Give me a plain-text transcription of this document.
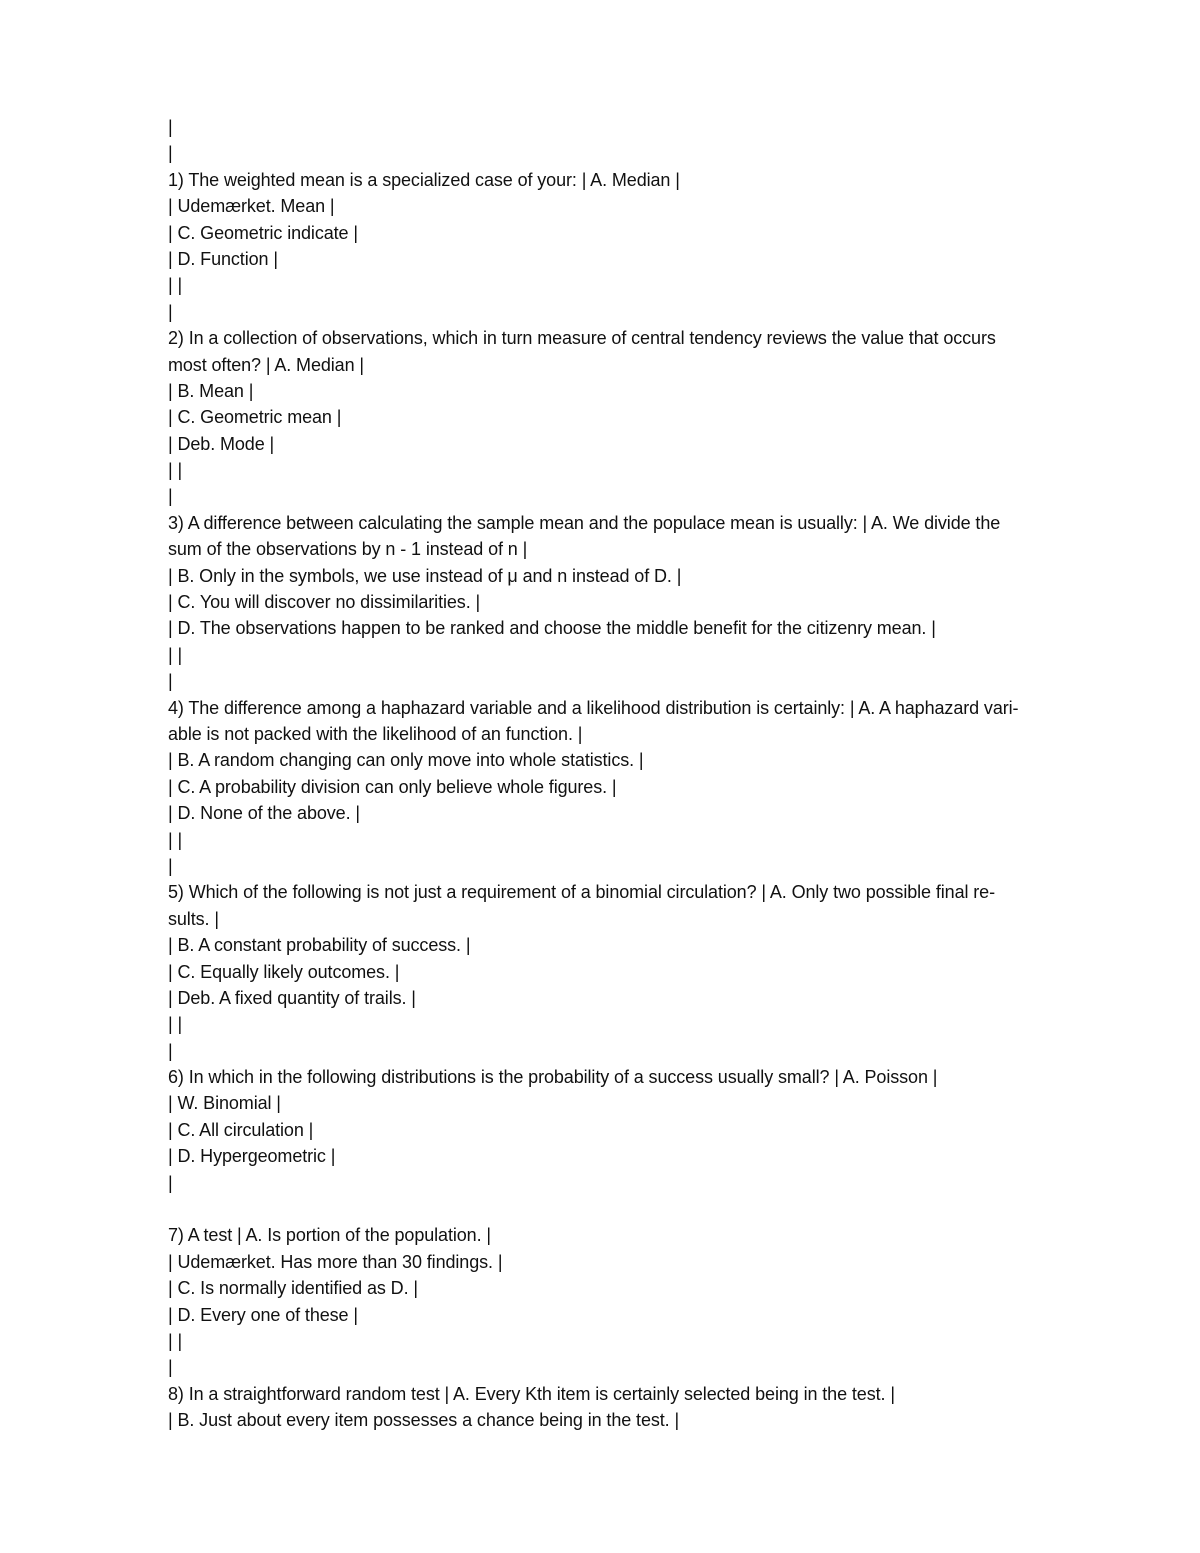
|
|
1) The weighted mean is a specialized case of your: | A. Median |
| Udemærket. Mean |
| C. Geometric indicate |
| D. Function |
| |
|
2) In a collection of observations, which in turn measure of central tendency reviews the value that occurs
most often? | A. Median |
| B. Mean |
| C. Geometric mean |
| Deb. Mode |
| |
|
3) A difference between calculating the sample mean and the populace mean is usually: | A. We divide the
sum of the observations by n - 1 instead of n |
| B. Only in the symbols, we use instead of μ and n instead of D. |
| C. You will discover no dissimilarities. |
| D. The observations happen to be ranked and choose the middle benefit for the citizenry mean. |
| |
|
4) The difference among a haphazard variable and a likelihood distribution is certainly: | A. A haphazard vari-
able is not packed with the likelihood of an function. |
| B. A random changing can only move into whole statistics. |
| C. A probability division can only believe whole figures. |
| D. None of the above. |
| |
|
5) Which of the following is not just a requirement of a binomial circulation? | A. Only two possible final re-
sults. |
| B. A constant probability of success. |
| C. Equally likely outcomes. |
| Deb. A fixed quantity of trails. |
| |
|
6) In which in the following distributions is the probability of a success usually small? | A. Poisson |
| W. Binomial |
| C. All circulation |
| D. Hypergeometric |
|
7) A test | A. Is portion of the population. |
| Udemærket. Has more than 30 findings. |
| C. Is normally identified as D. |
| D. Every one of these |
| |
|
8) In a straightforward random test | A. Every Kth item is certainly selected being in the test. |
| B. Just about every item possesses a chance being in the test. |
